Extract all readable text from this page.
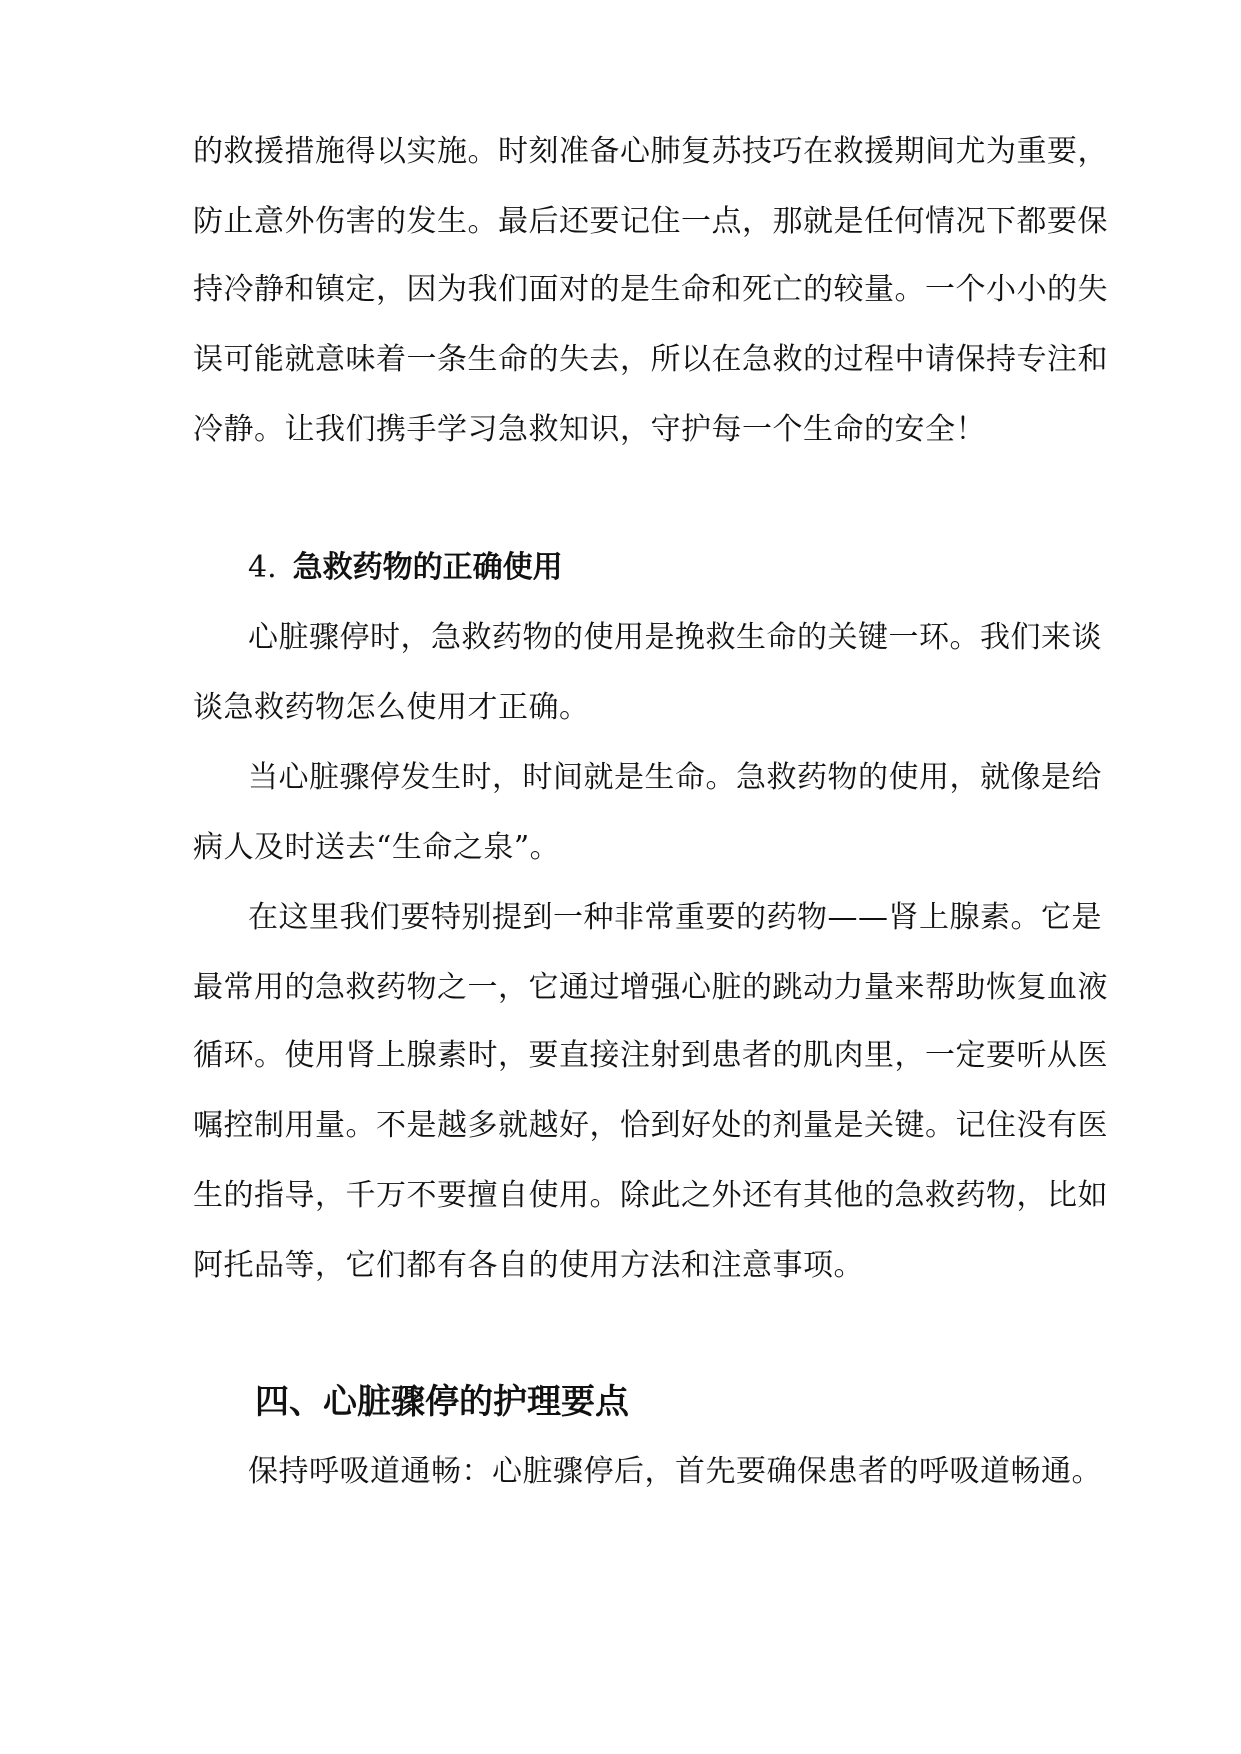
的救援措施得以实施。时刻准备心肺复苏技巧在救援期间尤为重要，
防止意外伤害的发生。最后还要记住一点，那就是任何情况下都要保
持冷静和镇定，因为我们面对的是生命和死亡的较量。一个小小的失
误可能就意味着一条生命的失去，所以在急救的过程中请保持专注和
冷静。让我们携手学习急救知识，守护每一个生命的安全！
4. 急救药物的正确使用
心脏骤停时，急救药物的使用是挽救生命的关键一环。我们来谈
谈急救药物怎么使用才正确。
当心脏骤停发生时，时间就是生命。急救药物的使用，就像是给
病人及时送去“生命之泉”。
在这里我们要特别提到一种非常重要的药物——肾上腺素。它是
最常用的急救药物之一，它通过增强心脏的跳动力量来帮助恢复血液
循环。使用肾上腺素时，要直接注射到患者的肌肉里，一定要听从医
嘱控制用量。不是越多就越好，恰到好处的剂量是关键。记住没有医
生的指导，千万不要擅自使用。除此之外还有其他的急救药物，比如
阿托品等，它们都有各自的使用方法和注意事项。
四、心脏骤停的护理要点
保持呼吸道通畅：心脏骤停后，首先要确保患者的呼吸道畅通。
